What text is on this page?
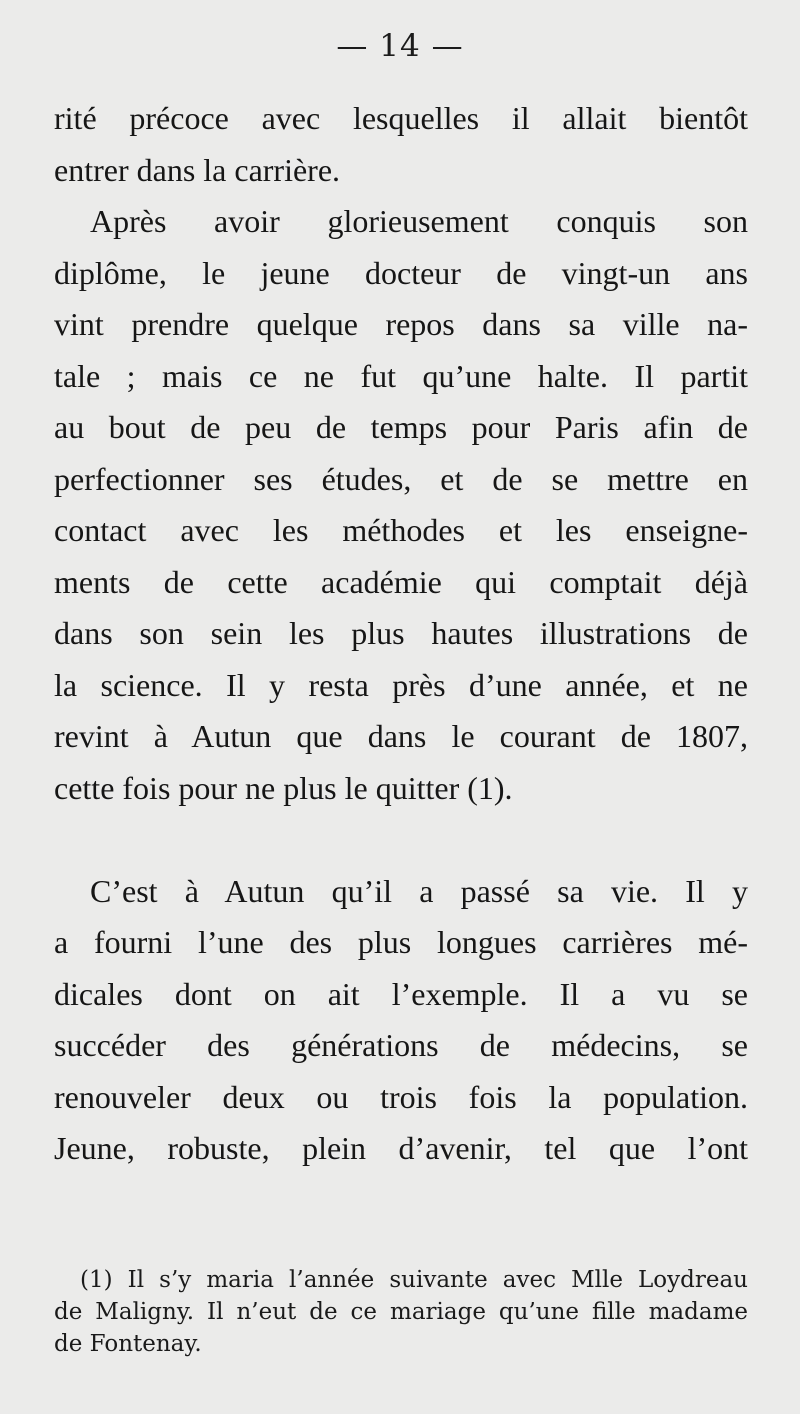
— 14 —
rité précoce avec lesquelles il allait bientôt
entrer dans la carrière.
Après avoir glorieusement conquis son
diplôme, le jeune docteur de vingt-un ans
vint prendre quelque repos dans sa ville na-
tale ; mais ce ne fut qu’une halte. Il partit
au bout de peu de temps pour Paris afin de
perfectionner ses études, et de se mettre en
contact avec les méthodes et les enseigne-
ments de cette académie qui comptait déjà
dans son sein les plus hautes illustrations de
la science. Il y resta près d’une année, et ne
revint à Autun que dans le courant de 1807,
cette fois pour ne plus le quitter (1).
C’est à Autun qu’il a passé sa vie. Il y
a fourni l’une des plus longues carrières mé-
dicales dont on ait l’exemple. Il a vu se
succéder des générations de médecins, se
renouveler deux ou trois fois la population.
Jeune, robuste, plein d’avenir, tel que l’ont
(1) Il s’y maria l’année suivante avec Mlle Loydreau
de Maligny. Il n’eut de ce mariage qu’une fille madame
de Fontenay.
